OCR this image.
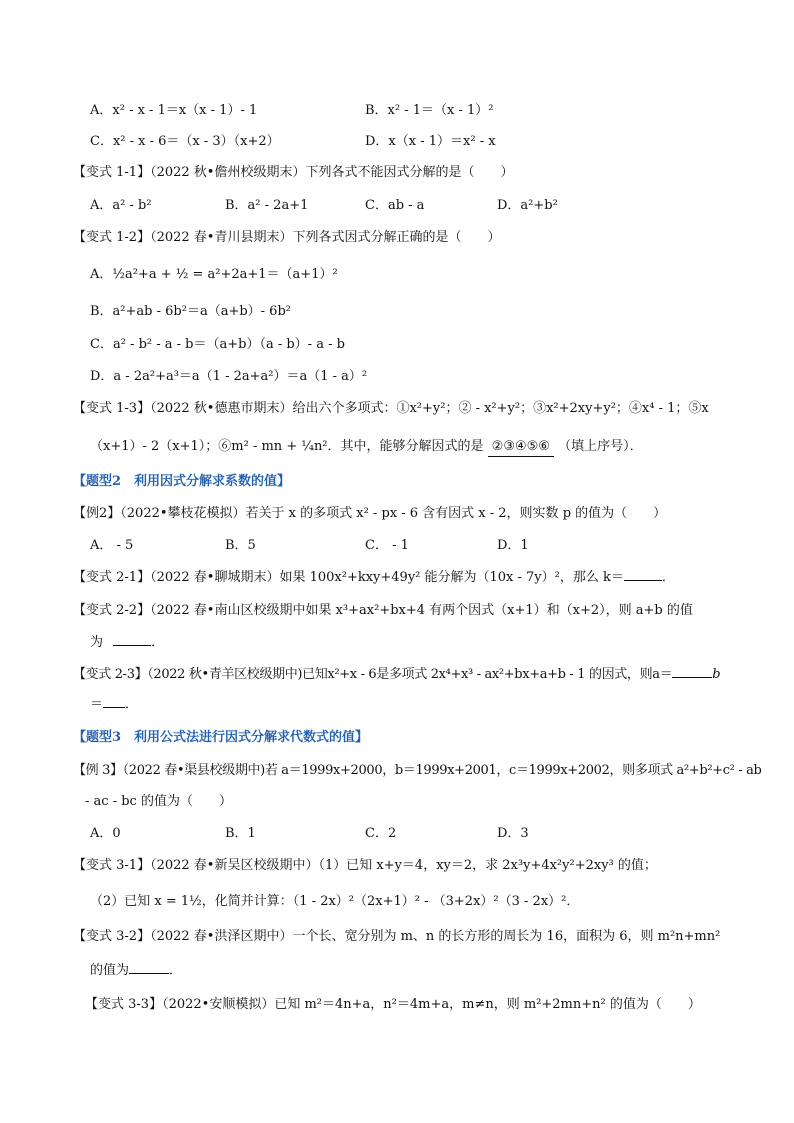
A．x² - x - 1＝x（x - 1）- 1	B．x² - 1＝（x - 1）²
C．x² - x - 6＝（x - 3）（x+2）	D．x（x - 1）＝x² - x
【变式 1-1】（2022 秋•儋州校级期末）下列各式不能因式分解的是（　　）
A．a² - b²	B．a² - 2a+1	C．ab - a	D．a²+b²
【变式 1-2】（2022 春•青川县期末）下列各式因式分解正确的是（　　）
A．½a²+a + ½ = a²+2a+1＝（a+1）²
B．a²+ab - 6b²＝a（a+b）- 6b²
C．a² - b² - a - b＝（a+b）（a - b）- a - b
D．a - 2a²+a³＝a（1 - 2a+a²）＝a（1 - a）²
【变式 1-3】（2022 秋•德惠市期末）给出六个多项式：①x²+y²；② - x²+y²；③x²+2xy+y²；④x⁴ - 1；⑤x
（x+1）- 2（x+1）；⑥m² - mn + ¼n²．其中，能够分解因式的是 ②③④⑤⑥ （填上序号）．
【题型2　利用因式分解求系数的值】
【例2】（2022•攀枝花模拟）若关于 x 的多项式 x² - px - 6 含有因式 x - 2，则实数 p 的值为（　　）
A． - 5	B．5	C． - 1	D．1
【变式 2-1】（2022 春•聊城期末）如果 100x²+kxy+49y² 能分解为（10x - 7y）²，那么 k＝	．
【变式 2-2】（2022 春•南山区校级期中如果 x³+ax²+bx+4 有两个因式（x+1）和（x+2），则 a+b 的值
为	．
【变式 2-3】（2022 秋•青羊区校级期中)已知x²+x - 6是多项式 2x⁴+x³ - ax²+bx+a+b - 1 的因式，则a＝	b
＝ ．
【题型3　利用公式法进行因式分解求代数式的值】
【例 3】（2022 春•渠县校级期中)若 a＝1999x+2000，b＝1999x+2001，c＝1999x+2002，则多项式 a²+b²+c² - ab
- ac - bc 的值为（　　）
A．0	B．1	C．2	D．3
【变式 3-1】（2022 春•新吴区校级期中）（1）已知 x+y＝4，xy＝2，求 2x³y+4x²y²+2xy³ 的值；
（2）已知 x = 1½，化简并计算：（1 - 2x）²（2x+1）² - （3+2x）²（3 - 2x）²．
【变式 3-2】（2022 春•洪泽区期中）一个长、宽分别为 m、n 的长方形的周长为 16，面积为 6，则 m²n+mn²
的值为	．
【变式 3-3】（2022•安顺模拟）已知 m²＝4n+a，n²＝4m+a，m≠n，则 m²+2mn+n² 的值为（　　）
